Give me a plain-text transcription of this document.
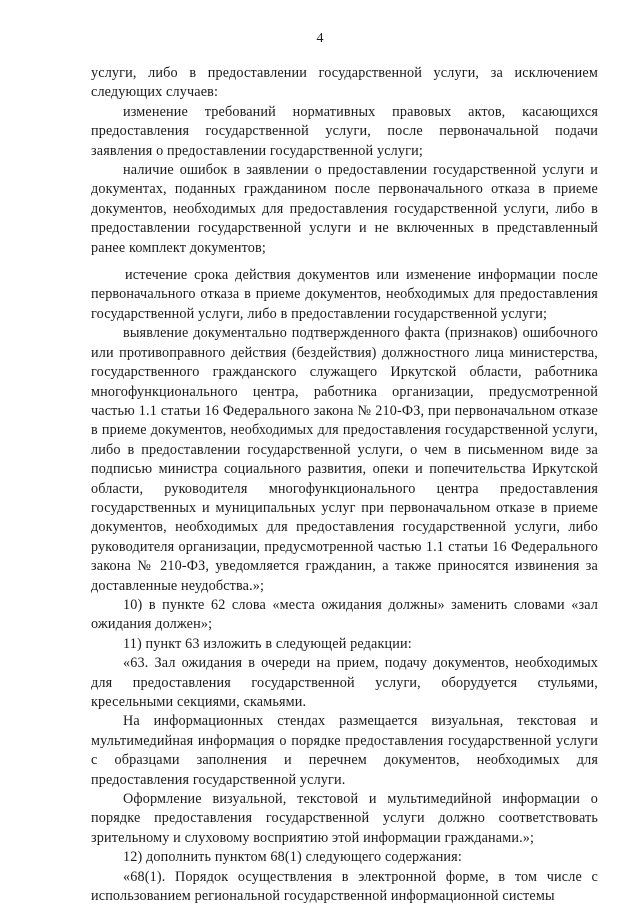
4

услуги, либо в предоставлении государственной услуги, за исключением следующих случаев:

изменение требований нормативных правовых актов, касающихся предоставления государственной услуги, после первоначальной подачи заявления о предоставлении государственной услуги;

наличие ошибок в заявлении о предоставлении государственной услуги и документах, поданных гражданином после первоначального отказа в приеме документов, необходимых для предоставления государственной услуги, либо в предоставлении государственной услуги и не включенных в представленный ранее комплект документов;

истечение срока действия документов или изменение информации после первоначального отказа в приеме документов, необходимых для предоставления государственной услуги, либо в предоставлении государственной услуги;

выявление документально подтвержденного факта (признаков) ошибочного или противоправного действия (бездействия) должностного лица министерства, государственного гражданского служащего Иркутской области, работника многофункционального центра, работника организации, предусмотренной частью 1.1 статьи 16 Федерального закона № 210-ФЗ, при первоначальном отказе в приеме документов, необходимых для предоставления государственной услуги, либо в предоставлении государственной услуги, о чем в письменном виде за подписью министра социального развития, опеки и попечительства Иркутской области, руководителя многофункционального центра предоставления государственных и муниципальных услуг при первоначальном отказе в приеме документов, необходимых для предоставления государственной услуги, либо руководителя организации, предусмотренной частью 1.1 статьи 16 Федерального закона № 210-ФЗ, уведомляется гражданин, а также приносятся извинения за доставленные неудобства.»;

10) в пункте 62 слова «места ожидания должны» заменить словами «зал ожидания должен»;

11) пункт 63 изложить в следующей редакции:

«63. Зал ожидания в очереди на прием, подачу документов, необходимых для предоставления государственной услуги, оборудуется стульями, кресельными секциями, скамьями.

На информационных стендах размещается визуальная, текстовая и мультимедийная информация о порядке предоставления государственной услуги с образцами заполнения и перечнем документов, необходимых для предоставления государственной услуги.

Оформление визуальной, текстовой и мультимедийной информации о порядке предоставления государственной услуги должно соответствовать зрительному и слуховому восприятию этой информации гражданами.»;

12) дополнить пунктом 68(1) следующего содержания:

«68(1). Порядок осуществления в электронной форме, в том числе с использованием региональной государственной информационной системы
